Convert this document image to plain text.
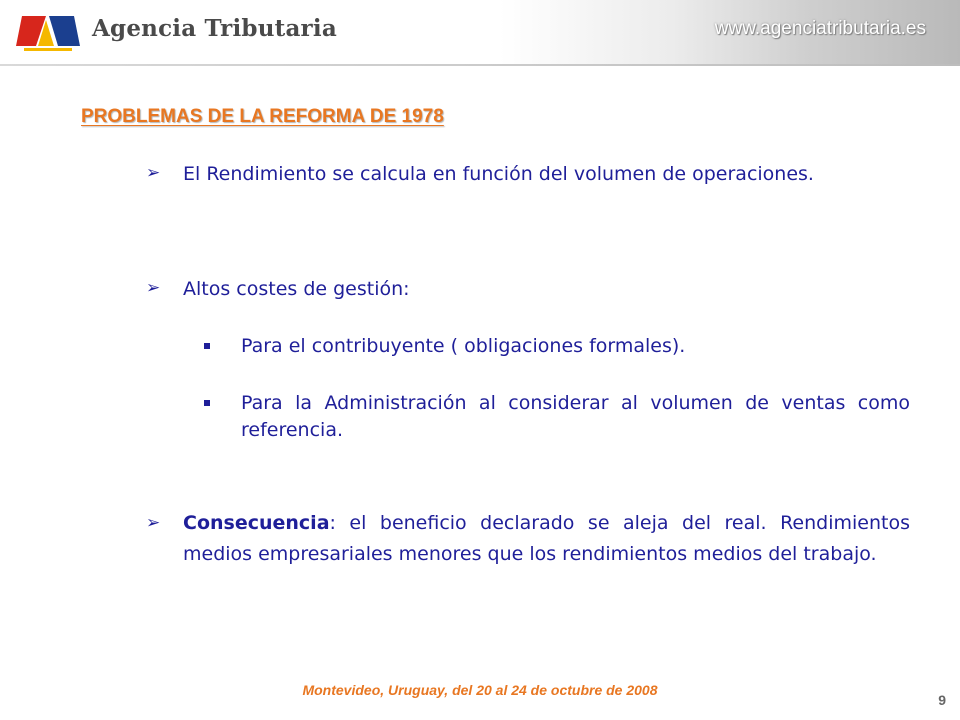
Agencia Tributaria	www.agenciatributaria.es
PROBLEMAS DE LA REFORMA DE 1978
➢ El Rendimiento se calcula en función del volumen de operaciones.
➢ Altos costes de gestión:
Para el contribuyente ( obligaciones formales).
Para la Administración al considerar al volumen de ventas como referencia.
➢ Consecuencia: el beneficio declarado se aleja del real. Rendimientos medios empresariales menores que los rendimientos medios del trabajo.
Montevideo, Uruguay, del 20 al 24 de octubre de 2008
9
